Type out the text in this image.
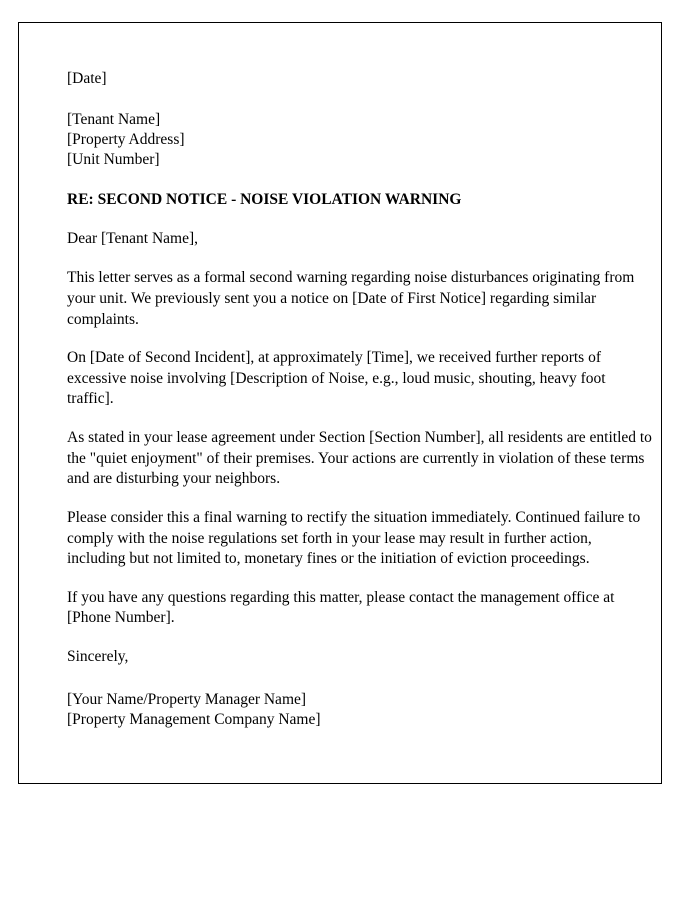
[Date]
[Tenant Name]
[Property Address]
[Unit Number]
RE: SECOND NOTICE - NOISE VIOLATION WARNING
Dear [Tenant Name],
This letter serves as a formal second warning regarding noise disturbances originating from your unit. We previously sent you a notice on [Date of First Notice] regarding similar complaints.
On [Date of Second Incident], at approximately [Time], we received further reports of excessive noise involving [Description of Noise, e.g., loud music, shouting, heavy foot traffic].
As stated in your lease agreement under Section [Section Number], all residents are entitled to the "quiet enjoyment" of their premises. Your actions are currently in violation of these terms and are disturbing your neighbors.
Please consider this a final warning to rectify the situation immediately. Continued failure to comply with the noise regulations set forth in your lease may result in further action, including but not limited to, monetary fines or the initiation of eviction proceedings.
If you have any questions regarding this matter, please contact the management office at [Phone Number].
Sincerely,
[Your Name/Property Manager Name]
[Property Management Company Name]
